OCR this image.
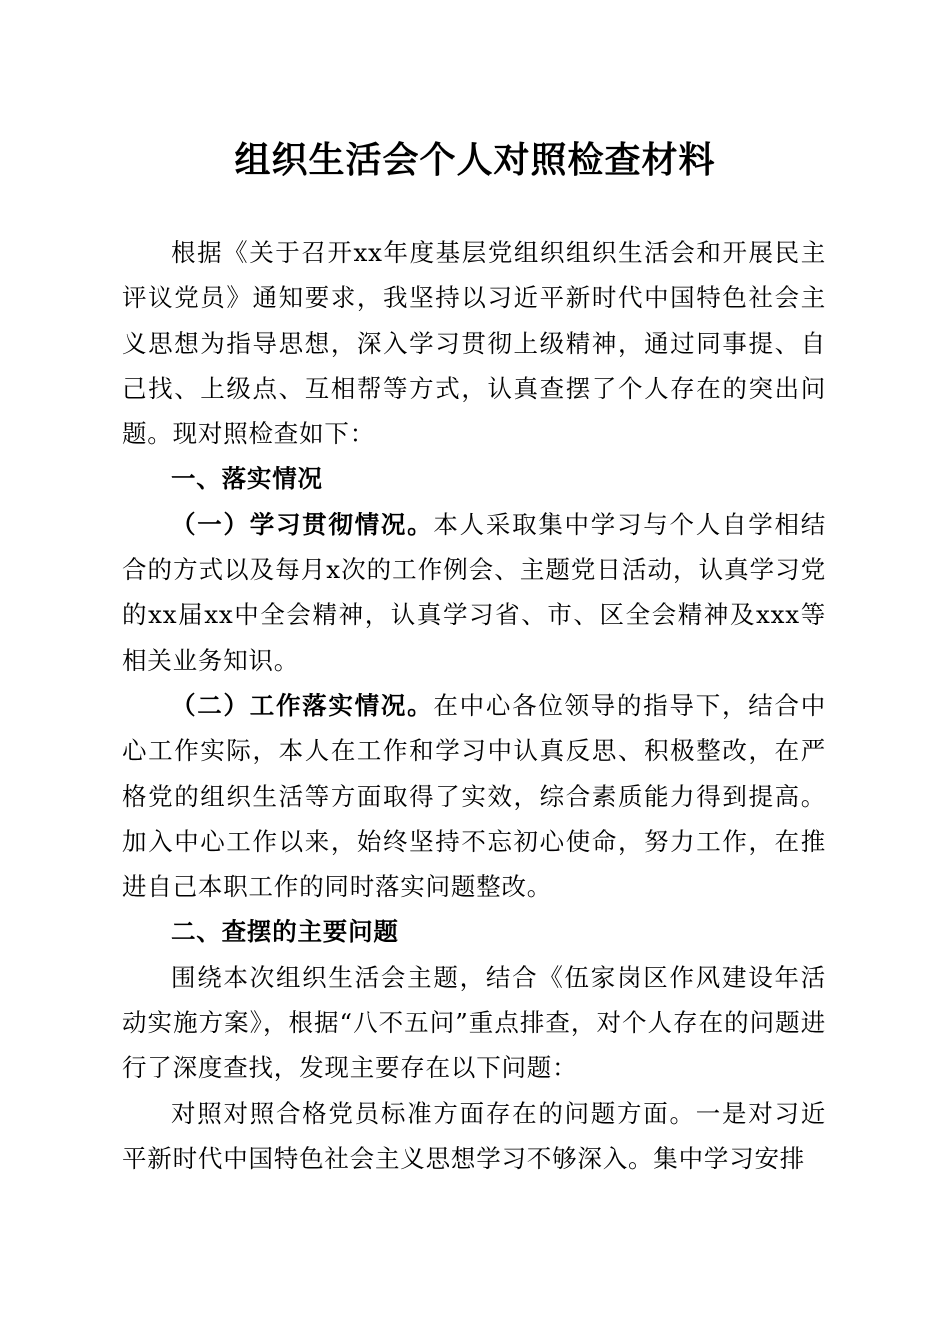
组织生活会个人对照检查材料

根据《关于召开xx年度基层党组织组织生活会和开展民主评议党员》通知要求，我坚持以习近平新时代中国特色社会主义思想为指导思想，深入学习贯彻上级精神，通过同事提、自己找、上级点、互相帮等方式，认真查摆了个人存在的突出问题。现对照检查如下：

一、落实情况

（一）学习贯彻情况。本人采取集中学习与个人自学相结合的方式以及每月x次的工作例会、主题党日活动，认真学习党的xx届xx中全会精神，认真学习省、市、区全会精神及xxx等相关业务知识。

（二）工作落实情况。在中心各位领导的指导下，结合中心工作实际，本人在工作和学习中认真反思、积极整改，在严格党的组织生活等方面取得了实效，综合素质能力得到提高。加入中心工作以来，始终坚持不忘初心使命，努力工作，在推进自己本职工作的同时落实问题整改。

二、查摆的主要问题

围绕本次组织生活会主题，结合《伍家岗区作风建设年活动实施方案》，根据“八不五问”重点排查，对个人存在的问题进行了深度查找，发现主要存在以下问题：

对照对照合格党员标准方面存在的问题方面。一是对习近平新时代中国特色社会主义思想学习不够深入。集中学习安排
